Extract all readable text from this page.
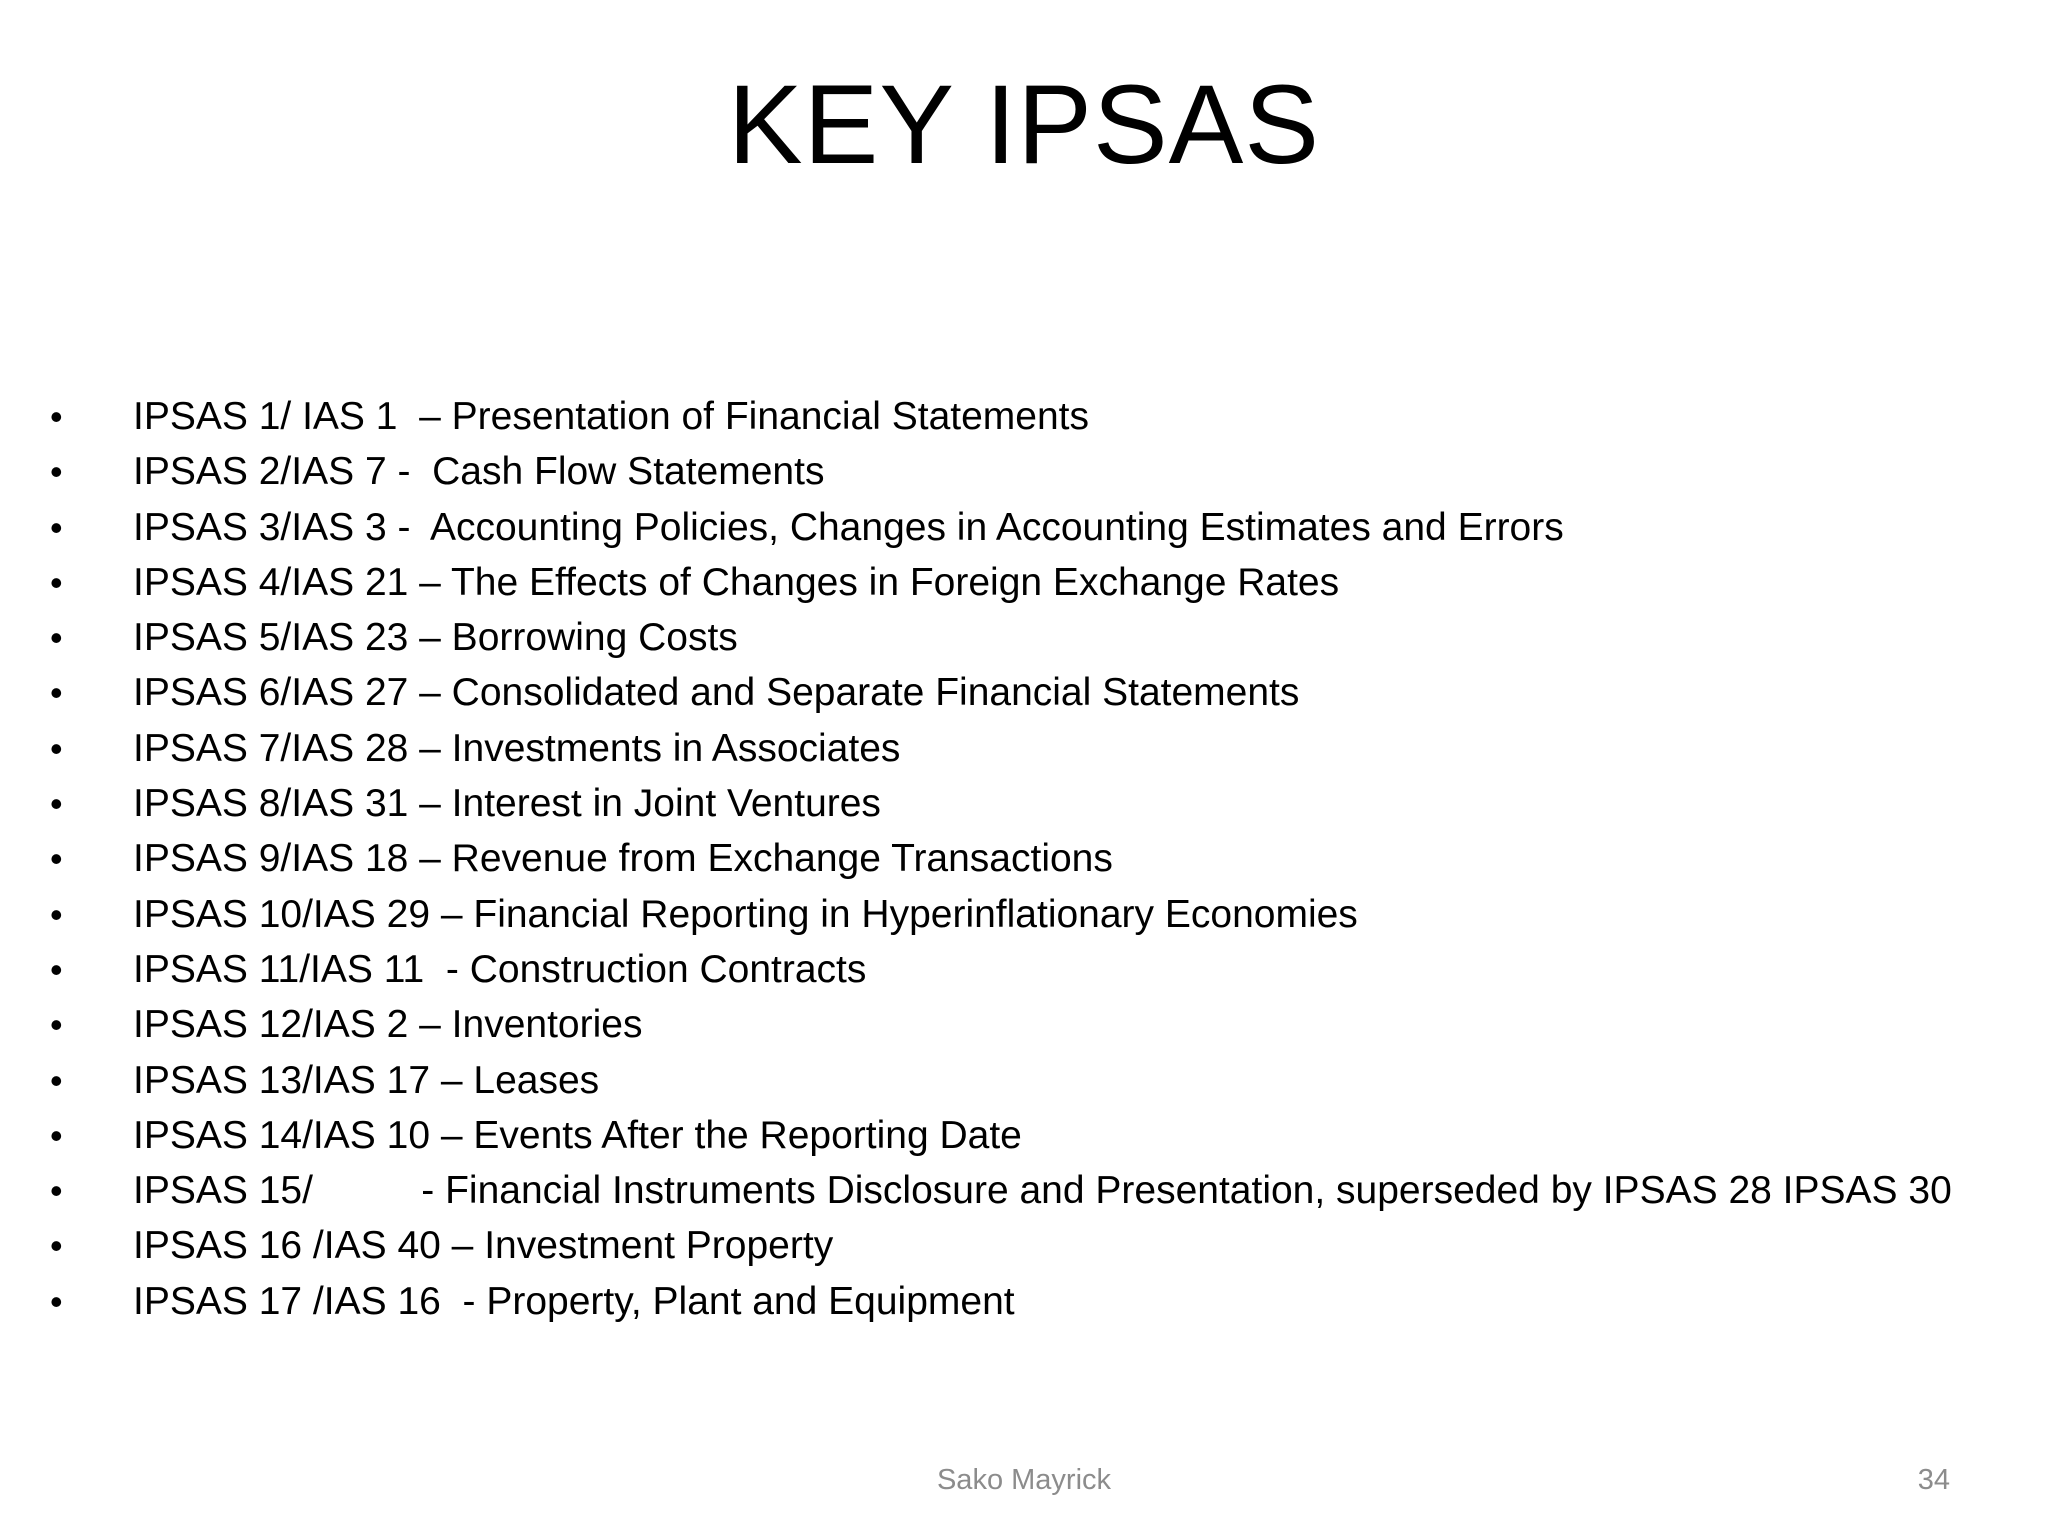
KEY IPSAS
•	IPSAS 1/ IAS 1  – Presentation of Financial Statements
•	IPSAS 2/IAS 7 -  Cash Flow Statements
•	IPSAS 3/IAS 3 -  Accounting Policies, Changes in Accounting Estimates and Errors
•	IPSAS 4/IAS 21 – The Effects of Changes in Foreign Exchange Rates
•	IPSAS 5/IAS 23 – Borrowing Costs
•	IPSAS 6/IAS 27 – Consolidated and Separate Financial Statements
•	IPSAS 7/IAS 28 – Investments in Associates
•	IPSAS 8/IAS 31 – Interest in Joint Ventures
•	IPSAS 9/IAS 18 – Revenue from Exchange Transactions
•	IPSAS 10/IAS 29 – Financial Reporting in Hyperinflationary Economies
•	IPSAS 11/IAS 11  - Construction Contracts
•	IPSAS 12/IAS 2 – Inventories
•	IPSAS 13/IAS 17 – Leases
•	IPSAS 14/IAS 10 – Events After the Reporting Date
•	IPSAS 15/          - Financial Instruments Disclosure and Presentation, superseded by IPSAS 28 IPSAS 30
•	IPSAS 16 /IAS 40 – Investment Property
•	IPSAS 17 /IAS 16  - Property, Plant and Equipment
Sako Mayrick	34
